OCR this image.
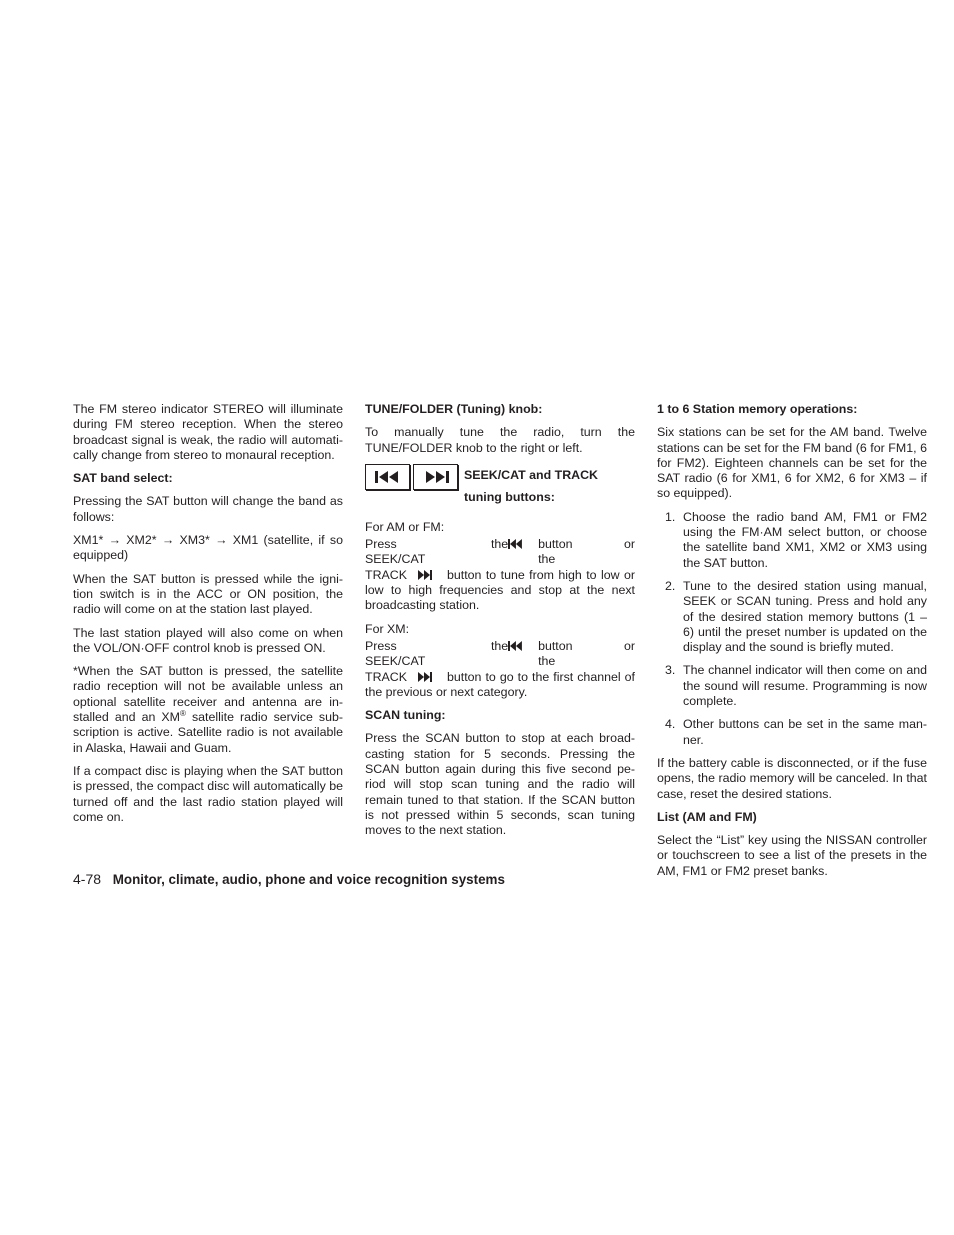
The FM stereo indicator STEREO will illuminate during FM stereo reception. When the stereo broadcast signal is weak, the radio will automatically change from stereo to monaural reception.

SAT band select:

Pressing the SAT button will change the band as follows:

XM1* → XM2* → XM3* → XM1 (satellite, if so equipped)

When the SAT button is pressed while the ignition switch is in the ACC or ON position, the radio will come on at the station last played.

The last station played will also come on when the VOL/ON·OFF control knob is pressed ON.

*When the SAT button is pressed, the satellite radio reception will not be available unless an optional satellite receiver and antenna are installed and an XM® satellite radio service subscription is active. Satellite radio is not available in Alaska, Hawaii and Guam.

If a compact disc is playing when the SAT button is pressed, the compact disc will automatically be turned off and the last radio station played will come on.

TUNE/FOLDER (Tuning) knob:

To manually tune the radio, turn the TUNE/FOLDER knob to the right or left.

SEEK/CAT and TRACK
tuning buttons:

For AM or FM:

Press the SEEK/CAT
button or the
TRACK	button to tune from high to low or low to high frequencies and stop at the next broadcasting station.

For XM:

Press the SEEK/CAT
button or the
TRACK	button to go to the first channel of the previous or next category.

SCAN tuning:

Press the SCAN button to stop at each broadcasting station for 5 seconds. Pressing the SCAN button again during this five second period will stop scan tuning and the radio will remain tuned to that station. If the SCAN button is not pressed within 5 seconds, scan tuning moves to the next station.

1 to 6 Station memory operations:

Six stations can be set for the AM band. Twelve stations can be set for the FM band (6 for FM1, 6 for FM2). Eighteen channels can be set for the SAT radio (6 for XM1, 6 for XM2, 6 for XM3 – if so equipped).

1. Choose the radio band AM, FM1 or FM2 using the FM·AM select button, or choose the satellite band XM1, XM2 or XM3 using the SAT button.
2. Tune to the desired station using manual, SEEK or SCAN tuning. Press and hold any of the desired station memory buttons (1 – 6) until the preset number is updated on the display and the sound is briefly muted.
3. The channel indicator will then come on and the sound will resume. Programming is now complete.
4. Other buttons can be set in the same manner.

If the battery cable is disconnected, or if the fuse opens, the radio memory will be canceled. In that case, reset the desired stations.

List (AM and FM)

Select the “List” key using the NISSAN controller or touchscreen to see a list of the presets in the AM, FM1 or FM2 preset banks.

4-78 Monitor, climate, audio, phone and voice recognition systems
